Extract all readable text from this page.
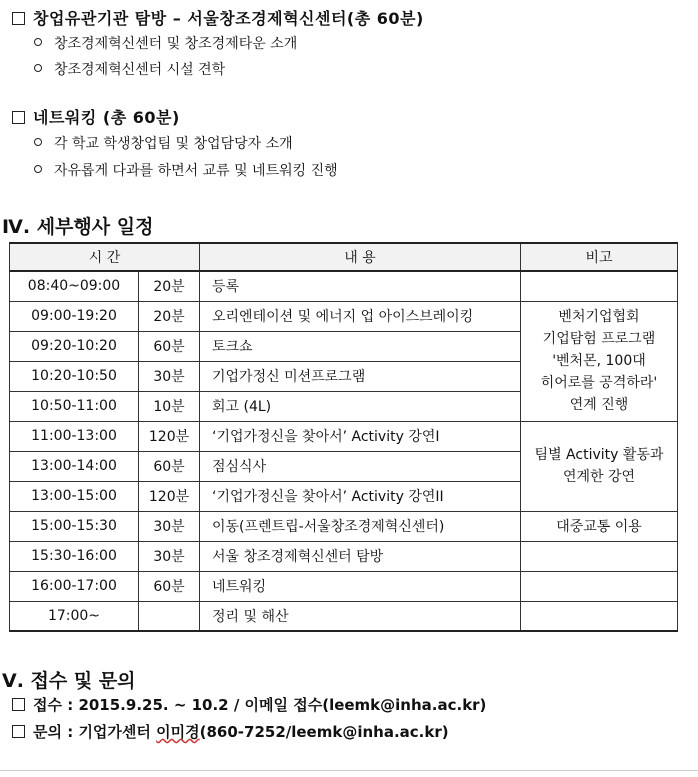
창업유관기관 탐방 – 서울창조경제혁신센터(총 60분)
창조경제혁신센터 및 창조경제타운 소개
창조경제혁신센터 시설 견학
네트워킹 (총 60분)
각 학교 학생창업팀 및 창업담당자 소개
자유롭게 다과를 하면서 교류 및 네트워킹 진행
Ⅳ. 세부행사 일정
시 간		내 용	비고
08:40~09:00	20분	등록	
09:00-19:20	20분	오리엔테이션 및 에너지 업 아이스브레이킹	벤처기업협회
기업탐험 프로그램
'벤처몬, 100대
히어로를 공격하라'
연계 진행
09:20-10:20	60분	토크쇼	
10:20-10:50	30분	기업가정신 미션프로그램	
10:50-11:00	10분	회고 (4L)	
11:00-13:00	120분	‘기업가정신을 찾아서’ Activity 강연I	팀별 Activity 활동과
연계한 강연
13:00-14:00	60분	점심식사	
13:00-15:00	120분	‘기업가정신을 찾아서’ Activity 강연II	
15:00-15:30	30분	이동(프렌트립-서울창조경제혁신센터)	대중교통 이용
15:30-16:00	30분	서울 창조경제혁신센터 탐방	
16:00-17:00	60분	네트워킹	
17:00~		정리 및 해산	
Ⅴ. 접수 및 문의
접수 : 2015.9.25. ~ 10.2 / 이메일 접수(leemk@inha.ac.kr)
문의 : 기업가센터 이미경(860-7252/leemk@inha.ac.kr)
